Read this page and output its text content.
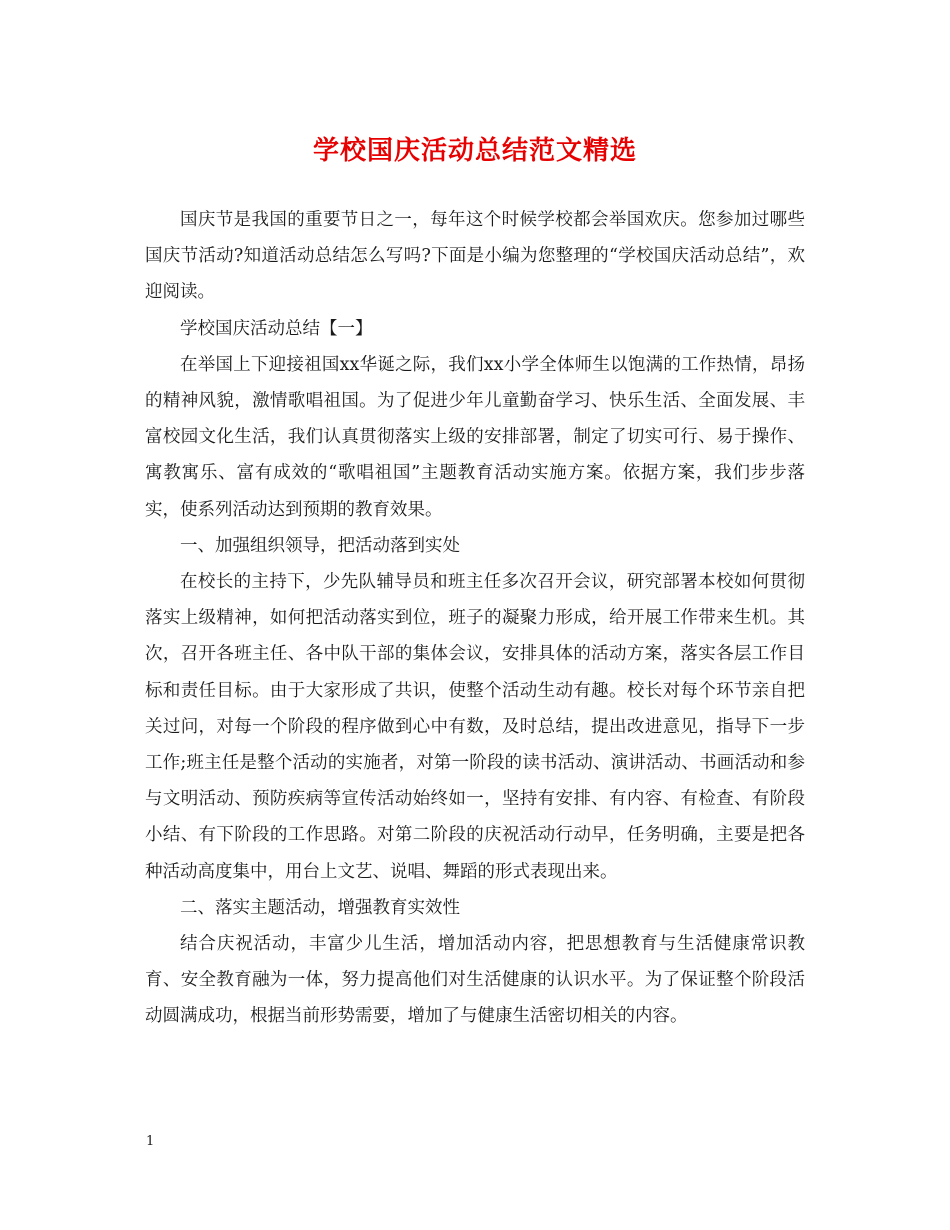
学校国庆活动总结范文精选

国庆节是我国的重要节日之一，每年这个时候学校都会举国欢庆。您参加过哪些国庆节活动?知道活动总结怎么写吗?下面是小编为您整理的“学校国庆活动总结”，欢迎阅读。

学校国庆活动总结【一】

在举国上下迎接祖国xx华诞之际，我们xx小学全体师生以饱满的工作热情，昂扬的精神风貌，激情歌唱祖国。为了促进少年儿童勤奋学习、快乐生活、全面发展、丰富校园文化生活，我们认真贯彻落实上级的安排部署，制定了切实可行、易于操作、寓教寓乐、富有成效的“歌唱祖国”主题教育活动实施方案。依据方案，我们步步落实，使系列活动达到预期的教育效果。

一、加强组织领导，把活动落到实处

在校长的主持下，少先队辅导员和班主任多次召开会议，研究部署本校如何贯彻落实上级精神，如何把活动落实到位，班子的凝聚力形成，给开展工作带来生机。其次，召开各班主任、各中队干部的集体会议，安排具体的活动方案，落实各层工作目标和责任目标。由于大家形成了共识，使整个活动生动有趣。校长对每个环节亲自把关过问，对每一个阶段的程序做到心中有数，及时总结，提出改进意见，指导下一步工作;班主任是整个活动的实施者，对第一阶段的读书活动、演讲活动、书画活动和参与文明活动、预防疾病等宣传活动始终如一，坚持有安排、有内容、有检查、有阶段小结、有下阶段的工作思路。对第二阶段的庆祝活动行动早，任务明确，主要是把各种活动高度集中，用台上文艺、说唱、舞蹈的形式表现出来。

二、落实主题活动，增强教育实效性

结合庆祝活动，丰富少儿生活，增加活动内容，把思想教育与生活健康常识教育、安全教育融为一体，努力提高他们对生活健康的认识水平。为了保证整个阶段活动圆满成功，根据当前形势需要，增加了与健康生活密切相关的内容。

1
